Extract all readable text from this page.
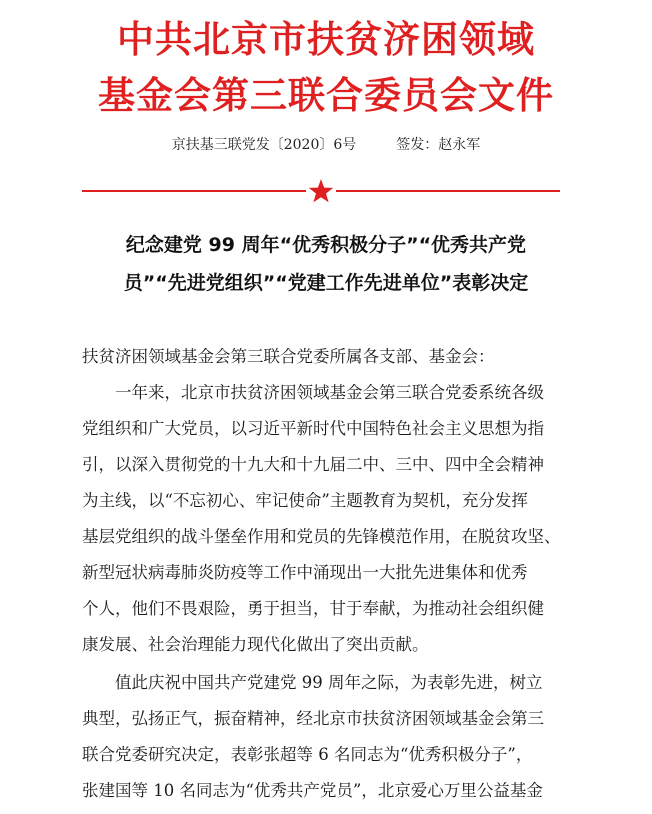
中共北京市扶贫济困领域
基金会第三联合委员会文件
京扶基三联党发〔2020〕6号	签发：赵永军
纪念建党 99 周年“优秀积极分子”“优秀共产党
员”“先进党组织”“党建工作先进单位”表彰决定
扶贫济困领域基金会第三联合党委所属各支部、基金会：
　　一年来，北京市扶贫济困领域基金会第三联合党委系统各级
党组织和广大党员，以习近平新时代中国特色社会主义思想为指
引，以深入贯彻党的十九大和十九届二中、三中、四中全会精神
为主线，以“不忘初心、牢记使命”主题教育为契机，充分发挥
基层党组织的战斗堡垒作用和党员的先锋模范作用，在脱贫攻坚、
新型冠状病毒肺炎防疫等工作中涌现出一大批先进集体和优秀
个人，他们不畏艰险，勇于担当，甘于奉献，为推动社会组织健
康发展、社会治理能力现代化做出了突出贡献。
　　值此庆祝中国共产党建党 99 周年之际，为表彰先进，树立
典型，弘扬正气，振奋精神，经北京市扶贫济困领域基金会第三
联合党委研究决定，表彰张超等 6 名同志为“优秀积极分子”，
张建国等 10 名同志为“优秀共产党员”，北京爱心万里公益基金
